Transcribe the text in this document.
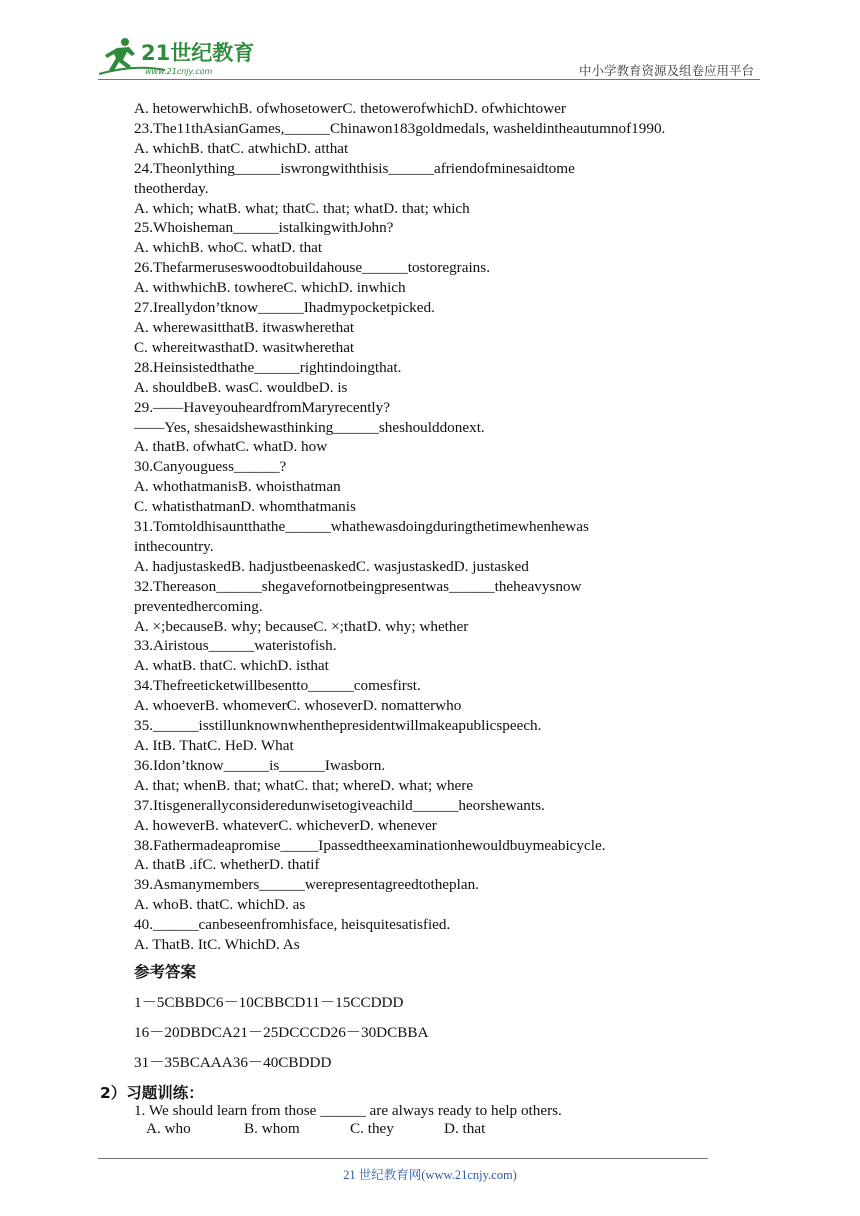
21世纪教育
www.21cnjy.com	中小学教育资源及组卷应用平台
A. hetowerwhichB. ofwhosetowerC. thetowerofwhichD. ofwhichtower
23.The11thAsianGames,______Chinawon183goldmedals, washeldintheautumnof1990.
A. whichB. thatC. atwhichD. atthat
24.Theonlything______iswrongwiththisis______afriendofminesaidtome
theotherday.
A. which; whatB. what; thatC. that; whatD. that; which
25.Whoisheman______istalkingwithJohn?
A. whichB. whoC. whatD. that
26.Thefarmeruseswoodtobuildahouse______tostoregrains.
A. withwhichB. towhereC. whichD. inwhich
27.Ireallydon’tknow______Ihadmypocketpicked.
A. wherewasitthatB. itwaswherethat
C. whereitwasthatD. wasitwherethat
28.Heinsistedthathe______rightindoingthat.
A. shouldbeB. wasC. wouldbeD. is
29.——HaveyouheardfromMaryrecently?
——Yes, shesaidshewasthinking______sheshoulddonext.
A. thatB. ofwhatC. whatD. how
30.Canyouguess______?
A. whothatmanisB. whoisthatman
C. whatisthatmanD. whomthatmanis
31.Tomtoldhisauntthathe______whathewasdoingduringthetimewhenhewas
inthecountry.
A. hadjustaskedB. hadjustbeenaskedC. wasjustaskedD. justasked
32.Thereason______shegavefornotbeingpresentwas______theheavysnow
preventedhercoming.
A. ×;becauseB. why; becauseC. ×;thatD. why; whether
33.Airistous______wateristofish.
A. whatB. thatC. whichD. isthat
34.Thefreeticketwillbesentto______comesfirst.
A. whoeverB. whomeverC. whoseverD. nomatterwho
35.______isstillunknownwhenthepresidentwillmakeapublicspeech.
A. ItB. ThatC. HeD. What
36.Idon’tknow______is______Iwasborn.
A. that; whenB. that; whatC. that; whereD. what; where
37.Itisgenerallyconsideredunwisetogiveachild______heorshewants.
A. howeverB. whateverC. whicheverD. whenever
38.Fathermadeapromise_____Ipassedtheexaminationhewouldbuymeabicycle.
A. thatB .ifC. whetherD. thatif
39.Asmanymembers______werepresentagreedtotheplan.
A. whoB. thatC. whichD. as
40.______canbeseenfromhisface, heisquitesatisfied.
A. ThatB. ItC. WhichD. As
参考答案
1－5CBBDC6－10CBBCD11－15CCDDD
16－20DBDCA21－25DCCCD26－30DCBBA
31－35BCAAA36－40CBDDD
2）习题训练：
1. We should learn from those ______ are always ready to help others.
A. who	B. whom	C. they	D. that
21 世纪教育网(www.21cnjy.com)
